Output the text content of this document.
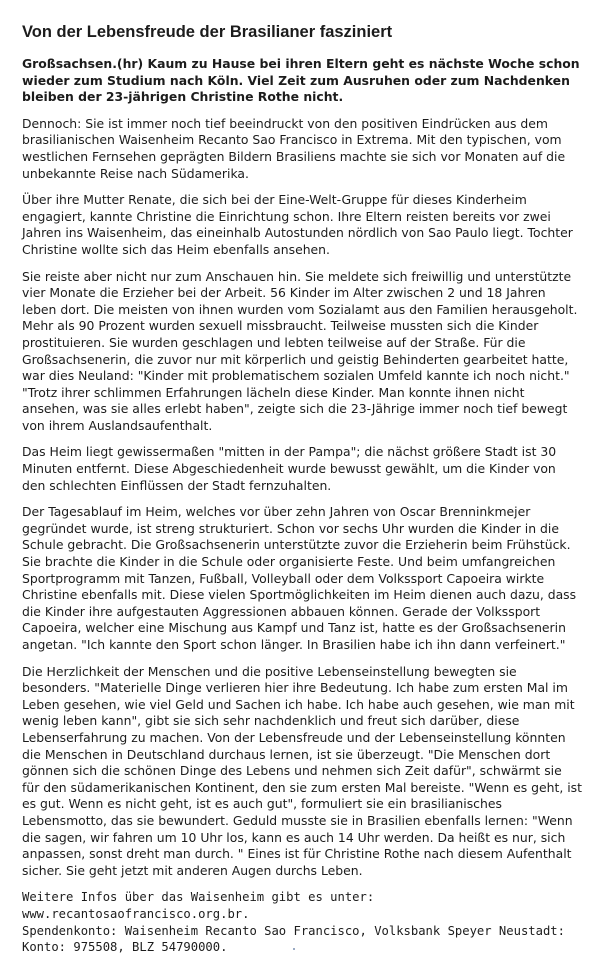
Von der Lebensfreude der Brasilianer fasziniert

Großsachsen.(hr) Kaum zu Hause bei ihren Eltern geht es nächste Woche schon wieder zum Studium nach Köln. Viel Zeit zum Ausruhen oder zum Nachdenken bleiben der 23-jährigen Christine Rothe nicht.

Dennoch: Sie ist immer noch tief beeindruckt von den positiven Eindrücken aus dem brasilianischen Waisenheim Recanto Sao Francisco in Extrema. Mit den typischen, vom westlichen Fernsehen geprägten Bildern Brasiliens machte sie sich vor Monaten auf die unbekannte Reise nach Südamerika.

Über ihre Mutter Renate, die sich bei der Eine-Welt-Gruppe für dieses Kinderheim engagiert, kannte Christine die Einrichtung schon. Ihre Eltern reisten bereits vor zwei Jahren ins Waisenheim, das eineinhalb Autostunden nördlich von Sao Paulo liegt. Tochter Christine wollte sich das Heim ebenfalls ansehen.

Sie reiste aber nicht nur zum Anschauen hin. Sie meldete sich freiwillig und unterstützte vier Monate die Erzieher bei der Arbeit. 56 Kinder im Alter zwischen 2 und 18 Jahren leben dort. Die meisten von ihnen wurden vom Sozialamt aus den Familien herausgeholt. Mehr als 90 Prozent wurden sexuell missbraucht. Teilweise mussten sich die Kinder prostituieren. Sie wurden geschlagen und lebten teilweise auf der Straße. Für die Großsachsenerin, die zuvor nur mit körperlich und geistig Behinderten gearbeitet hatte, war dies Neuland: "Kinder mit problematischem sozialen Umfeld kannte ich noch nicht." "Trotz ihrer schlimmen Erfahrungen lächeln diese Kinder. Man konnte ihnen nicht ansehen, was sie alles erlebt haben", zeigte sich die 23-Jährige immer noch tief bewegt von ihrem Auslandsaufenthalt.

Das Heim liegt gewissermaßen "mitten in der Pampa"; die nächst größere Stadt ist 30 Minuten entfernt. Diese Abgeschiedenheit wurde bewusst gewählt, um die Kinder von den schlechten Einflüssen der Stadt fernzuhalten.

Der Tagesablauf im Heim, welches vor über zehn Jahren von Oscar Brenninkmejer gegründet wurde, ist streng strukturiert. Schon vor sechs Uhr wurden die Kinder in die Schule gebracht. Die Großsachsenerin unterstützte zuvor die Erzieherin beim Frühstück. Sie brachte die Kinder in die Schule oder organisierte Feste. Und beim umfangreichen Sportprogramm mit Tanzen, Fußball, Volleyball oder dem Volkssport Capoeira wirkte Christine ebenfalls mit. Diese vielen Sportmöglichkeiten im Heim dienen auch dazu, dass die Kinder ihre aufgestauten Aggressionen abbauen können. Gerade der Volkssport Capoeira, welcher eine Mischung aus Kampf und Tanz ist, hatte es der Großsachsenerin angetan. "Ich kannte den Sport schon länger. In Brasilien habe ich ihn dann verfeinert."

Die Herzlichkeit der Menschen und die positive Lebenseinstellung bewegten sie besonders. "Materielle Dinge verlieren hier ihre Bedeutung. Ich habe zum ersten Mal im Leben gesehen, wie viel Geld und Sachen ich habe. Ich habe auch gesehen, wie man mit wenig leben kann", gibt sie sich sehr nachdenklich und freut sich darüber, diese Lebenserfahrung zu machen. Von der Lebensfreude und der Lebenseinstellung könnten die Menschen in Deutschland durchaus lernen, ist sie überzeugt. "Die Menschen dort gönnen sich die schönen Dinge des Lebens und nehmen sich Zeit dafür", schwärmt sie für den südamerikanischen Kontinent, den sie zum ersten Mal bereiste. "Wenn es geht, ist es gut. Wenn es nicht geht, ist es auch gut", formuliert sie ein brasilianisches Lebensmotto, das sie bewundert. Geduld musste sie in Brasilien ebenfalls lernen: "Wenn die sagen, wir fahren um 10 Uhr los, kann es auch 14 Uhr werden. Da heißt es nur, sich anpassen, sonst dreht man durch. " Eines ist für Christine Rothe nach diesem Aufenthalt sicher. Sie geht jetzt mit anderen Augen durchs Leben.

Weitere Infos über das Waisenheim gibt es unter: www.recantosaofrancisco.org.br.
Spendenkonto: Waisenheim Recanto Sao Francisco, Volksbank Speyer Neustadt:
Konto: 975508, BLZ 54790000.
